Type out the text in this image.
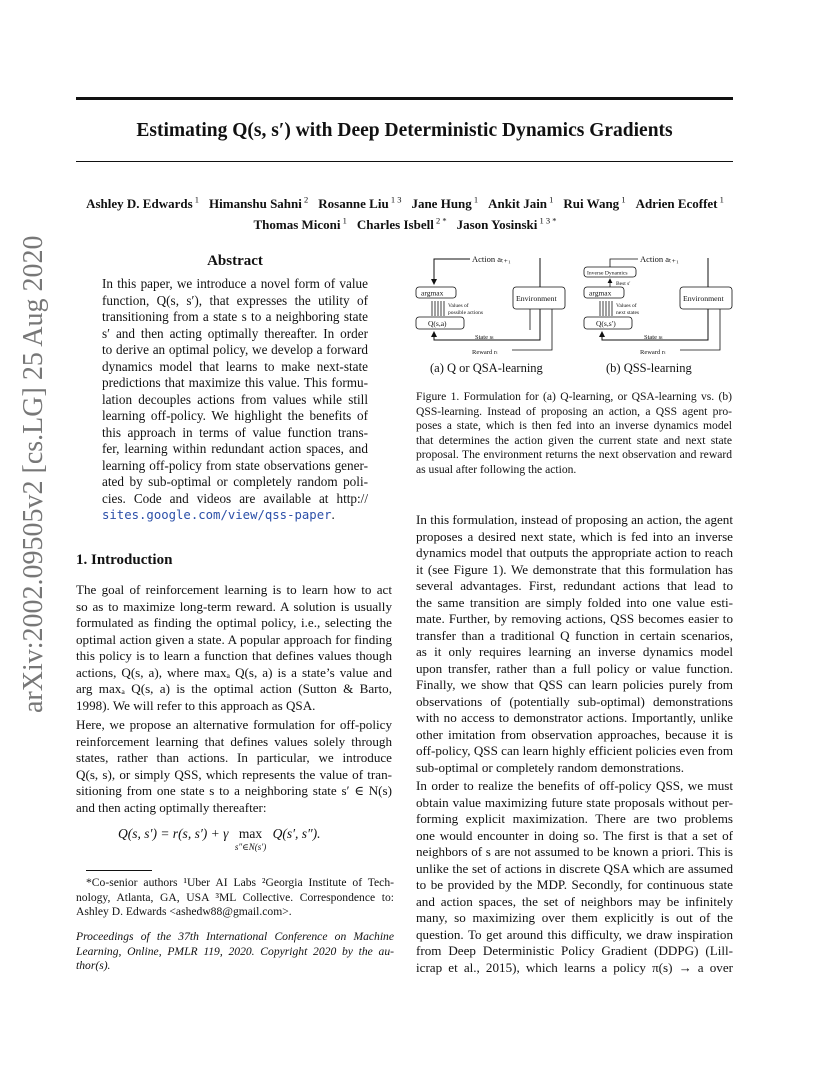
Estimating Q(s, s′) with Deep Deterministic Dynamics Gradients
Ashley D. Edwards $^1$ Himanshu Sahni $^2$ Rosanne Liu $^{1 3}$ Jane Hung $^1$ Ankit Jain $^1$ Rui Wang $^1$ Adrien Ecoffet $^1$
Thomas Miconi $^1$ Charles Isbell $^{2 *}$ Jason Yosinski $^{1 3 *}$
arXiv:2002.09505v2 [cs.LG] 25 Aug 2020	Abstract
In this paper, we introduce a novel form of value
function, Q(s, s′), that expresses the utility of
transitioning from a state s to a neighboring state
s′ and then acting optimally thereafter. In order
to derive an optimal policy, we develop a forward
dynamics model that learns to make next-state
predictions that maximize this value. This formu-
lation decouples actions from values while still
learning off-policy. We highlight the benefits of
this approach in terms of value function trans-
fer, learning within redundant action spaces, and
learning off-policy from state observations gener-
ated by sub-optimal or completely random poli-
cies. Code and videos are available at http://
sites.google.com/view/qss-paper.
1. Introduction
The goal of reinforcement learning is to learn how to act
so as to maximize long-term reward. A solution is usually
formulated as finding the optimal policy, i.e., selecting the
optimal action given a state. A popular approach for finding
this policy is to learn a function that defines values though
actions, Q(s, a), where maxₐ Q(s, a) is a state’s value and
arg maxₐ Q(s, a) is the optimal action (Sutton & Barto,
1998). We will refer to this approach as QSA.
Here, we propose an alternative formulation for off-policy
reinforcement learning that defines values solely through
states, rather than actions. In particular, we introduce
Q(s, s), or simply QSS, which represents the value of tran-
sitioning from one state s to a neighboring state s′ ∈ N(s)
and then acting optimally thereafter:
Q(s, s′) = r(s, s′) + γ max
$^{s''\in N(s')}$ Q(s′, s″).
*Co-senior authors ¹Uber AI Labs ²Georgia Institute of Tech-
nology, Atlanta, GA, USA ³ML Collective. Correspondence to:
Ashley D. Edwards <ashedw88@gmail.com>.
Proceedings of the 37th International Conference on Machine
Learning, Online, PMLR 119, 2020. Copyright 2020 by the au-
thor(s).
Action aₜ₊₁
argmax
Values of
possible actions
Q(s,a)
Environment
State sₜ
Reward rₜ
(a) Q or QSA-learning
Action aₜ₊₁
Inverse Dynamics
Best s′
argmax
Values of
next states
Q(s,s′)
Environment
State sₜ
Reward rₜ
(b) QSS-learning
Figure 1. Formulation for (a) Q-learning, or QSA-learning vs. (b)
QSS-learning. Instead of proposing an action, a QSS agent pro-
poses a state, which is then fed into an inverse dynamics model
that determines the action given the current state and next state
proposal. The environment returns the next observation and reward
as usual after following the action.
In this formulation, instead of proposing an action, the agent
proposes a desired next state, which is fed into an inverse
dynamics model that outputs the appropriate action to reach
it (see Figure 1). We demonstrate that this formulation has
several advantages. First, redundant actions that lead to
the same transition are simply folded into one value esti-
mate. Further, by removing actions, QSS becomes easier to
transfer than a traditional Q function in certain scenarios,
as it only requires learning an inverse dynamics model
upon transfer, rather than a full policy or value function.
Finally, we show that QSS can learn policies purely from
observations of (potentially sub-optimal) demonstrations
with no access to demonstrator actions. Importantly, unlike
other imitation from observation approaches, because it is
off-policy, QSS can learn highly efficient policies even from
sub-optimal or completely random demonstrations.
In order to realize the benefits of off-policy QSS, we must
obtain value maximizing future state proposals without per-
forming explicit maximization. There are two problems
one would encounter in doing so. The first is that a set of
neighbors of s are not assumed to be known a priori. This is
unlike the set of actions in discrete QSA which are assumed
to be provided by the MDP. Secondly, for continuous state
and action spaces, the set of neighbors may be infinitely
many, so maximizing over them explicitly is out of the
question. To get around this difficulty, we draw inspiration
from Deep Deterministic Policy Gradient (DDPG) (Lill-
icrap et al., 2015), which learns a policy π(s) → a over
